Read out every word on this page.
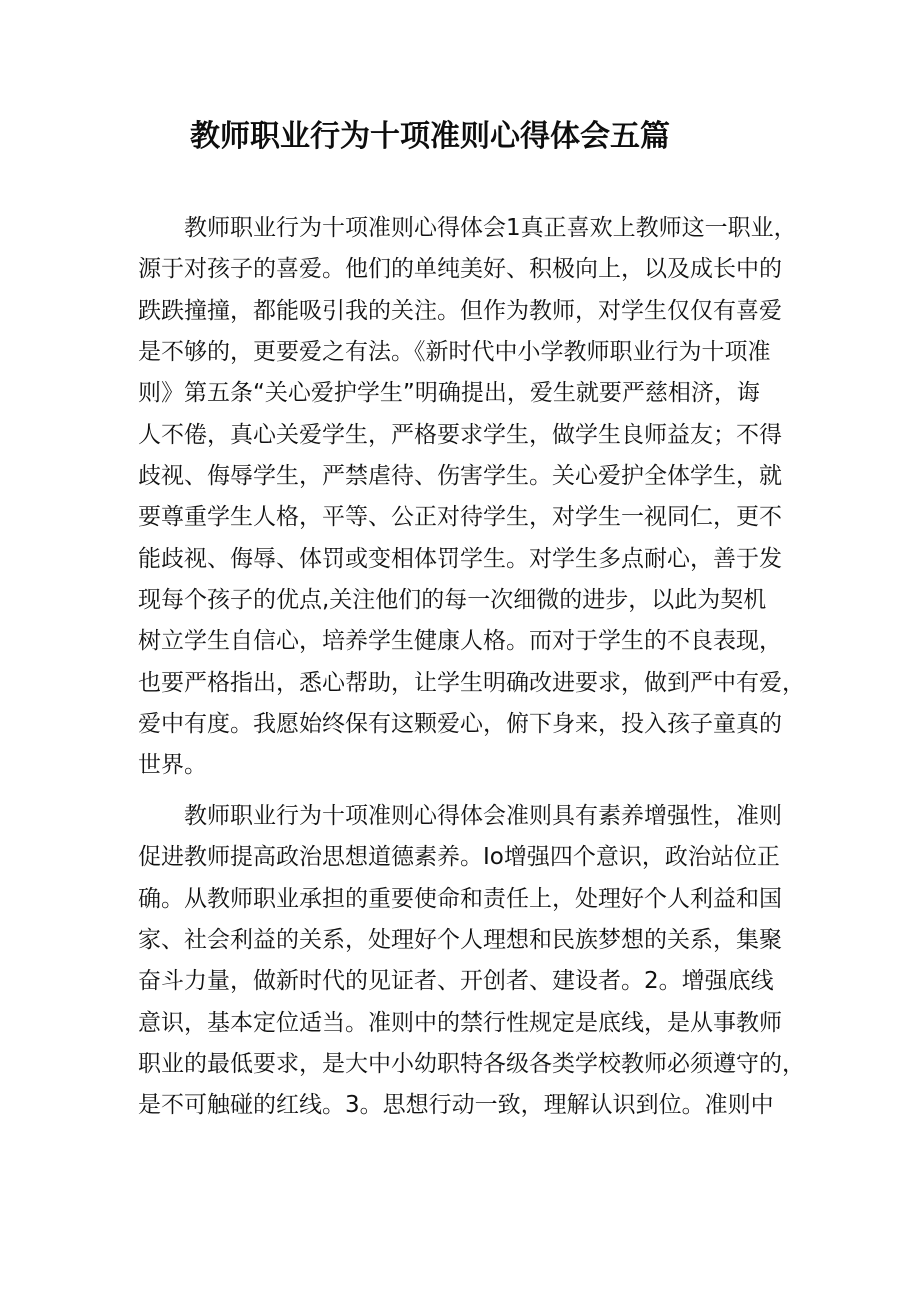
教师职业行为十项准则心得体会五篇
教师职业行为十项准则心得体会1真正喜欢上教师这一职业，
源于对孩子的喜爱。他们的单纯美好、积极向上，以及成长中的
跌跌撞撞，都能吸引我的关注。但作为教师，对学生仅仅有喜爱
是不够的，更要爱之有法。《新时代中小学教师职业行为十项准
则》第五条“关心爱护学生”明确提出，爱生就要严慈相济，诲
人不倦，真心关爱学生，严格要求学生，做学生良师益友；不得
歧视、侮辱学生，严禁虐待、伤害学生。关心爱护全体学生，就
要尊重学生人格，平等、公正对待学生，对学生一视同仁，更不
能歧视、侮辱、体罚或变相体罚学生。对学生多点耐心，善于发
现每个孩子的优点,关注他们的每一次细微的进步，以此为契机
树立学生自信心，培养学生健康人格。而对于学生的不良表现，
也要严格指出，悉心帮助，让学生明确改进要求，做到严中有爱，
爱中有度。我愿始终保有这颗爱心，俯下身来，投入孩子童真的
世界。
教师职业行为十项准则心得体会准则具有素养增强性，准则
促进教师提高政治思想道德素养。Io增强四个意识，政治站位正
确。从教师职业承担的重要使命和责任上，处理好个人利益和国
家、社会利益的关系，处理好个人理想和民族梦想的关系，集聚
奋斗力量，做新时代的见证者、开创者、建设者。2。增强底线
意识，基本定位适当。准则中的禁行性规定是底线，是从事教师
职业的最低要求，是大中小幼职特各级各类学校教师必须遵守的，
是不可触碰的红线。3。思想行动一致，理解认识到位。准则中
